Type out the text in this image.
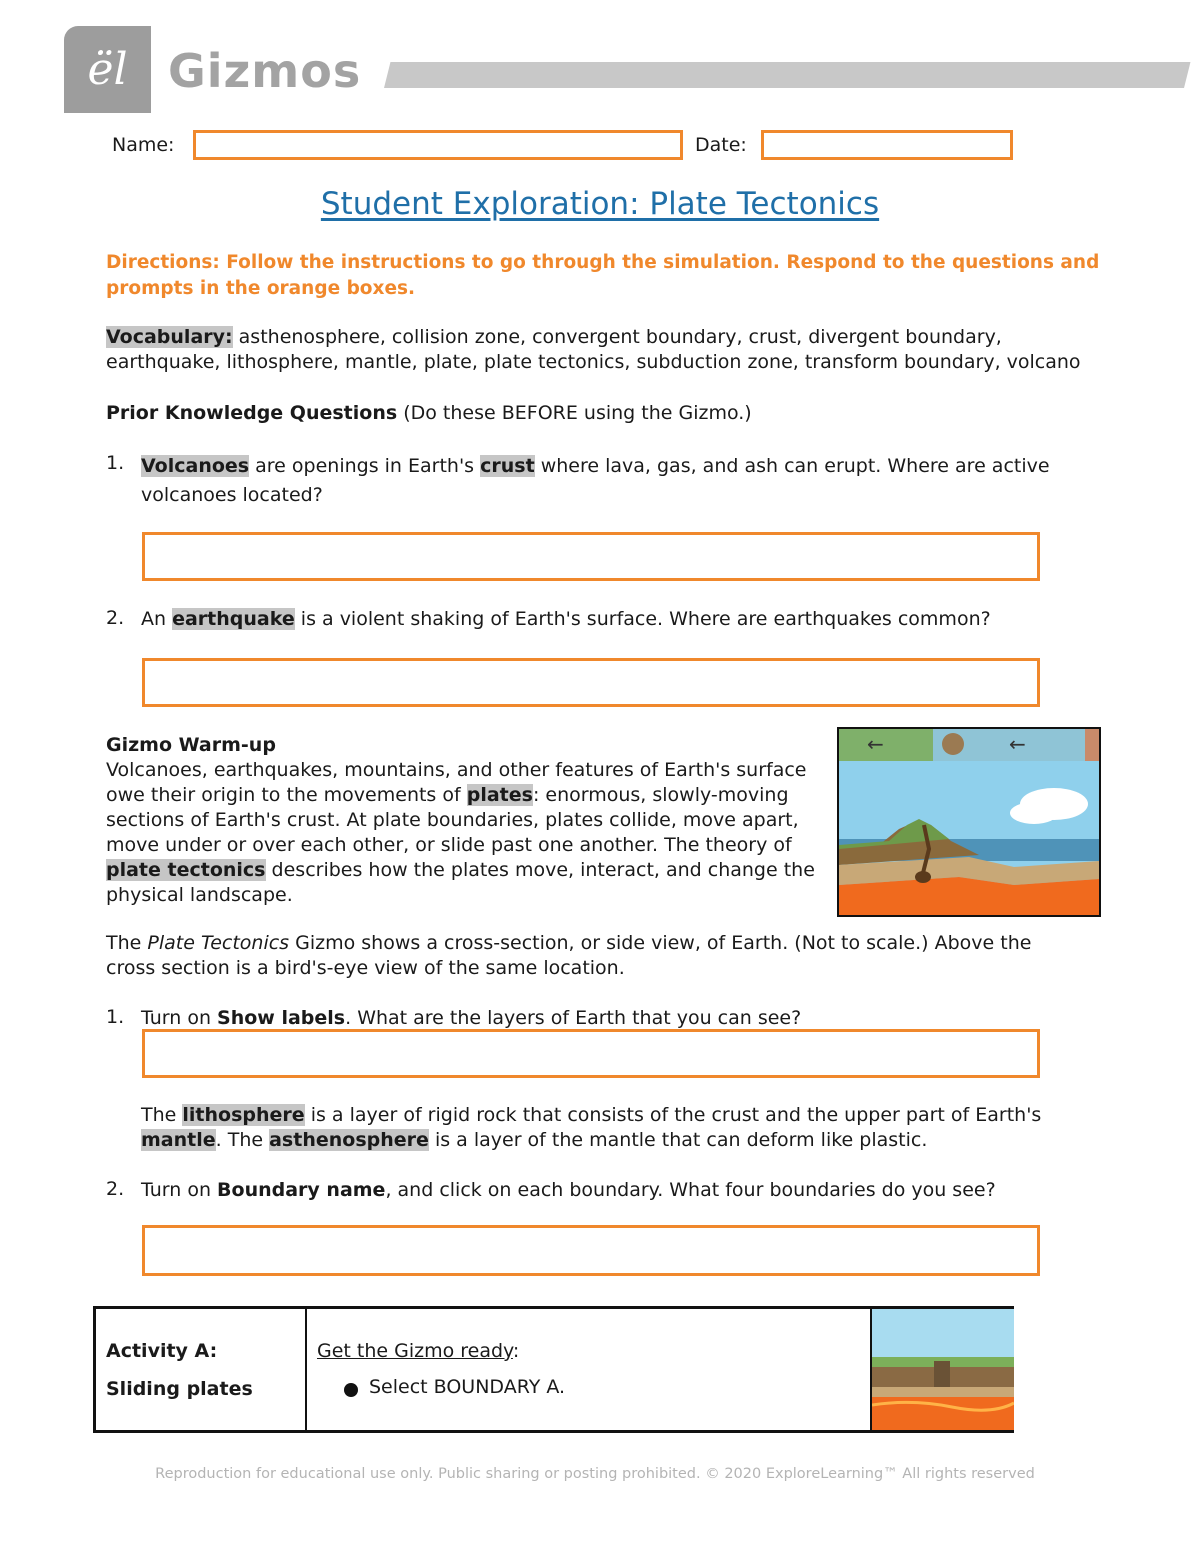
ël Gizmos
Name:	Date:
Student Exploration: Plate Tectonics
Directions: Follow the instructions to go through the simulation. Respond to the questions and prompts in the orange boxes.
Vocabulary: asthenosphere, collision zone, convergent boundary, crust, divergent boundary,
earthquake, lithosphere, mantle, plate, plate tectonics, subduction zone, transform boundary, volcano
Prior Knowledge Questions (Do these BEFORE using the Gizmo.)
1. Volcanoes are openings in Earth's crust where lava, gas, and ash can erupt. Where are active
volcanoes located?
2. An earthquake is a violent shaking of Earth's surface. Where are earthquakes common?
Gizmo Warm-up
Volcanoes, earthquakes, mountains, and other features of Earth's surface
owe their origin to the movements of plates: enormous, slowly-moving
sections of Earth's crust. At plate boundaries, plates collide, move apart,
move under or over each other, or slide past one another. The theory of
plate tectonics describes how the plates move, interact, and change the
physical landscape.
←	←
The Plate Tectonics Gizmo shows a cross-section, or side view, of Earth. (Not to scale.) Above the
cross section is a bird's-eye view of the same location.
1. Turn on Show labels. What are the layers of Earth that you can see?
The lithosphere is a layer of rigid rock that consists of the crust and the upper part of Earth's
mantle. The asthenosphere is a layer of the mantle that can deform like plastic.
2. Turn on Boundary name, and click on each boundary. What four boundaries do you see?
Activity A:
Sliding plates
Get the Gizmo ready:
Select BOUNDARY A.
Reproduction for educational use only. Public sharing or posting prohibited. © 2020 ExploreLearning™ All rights reserved
